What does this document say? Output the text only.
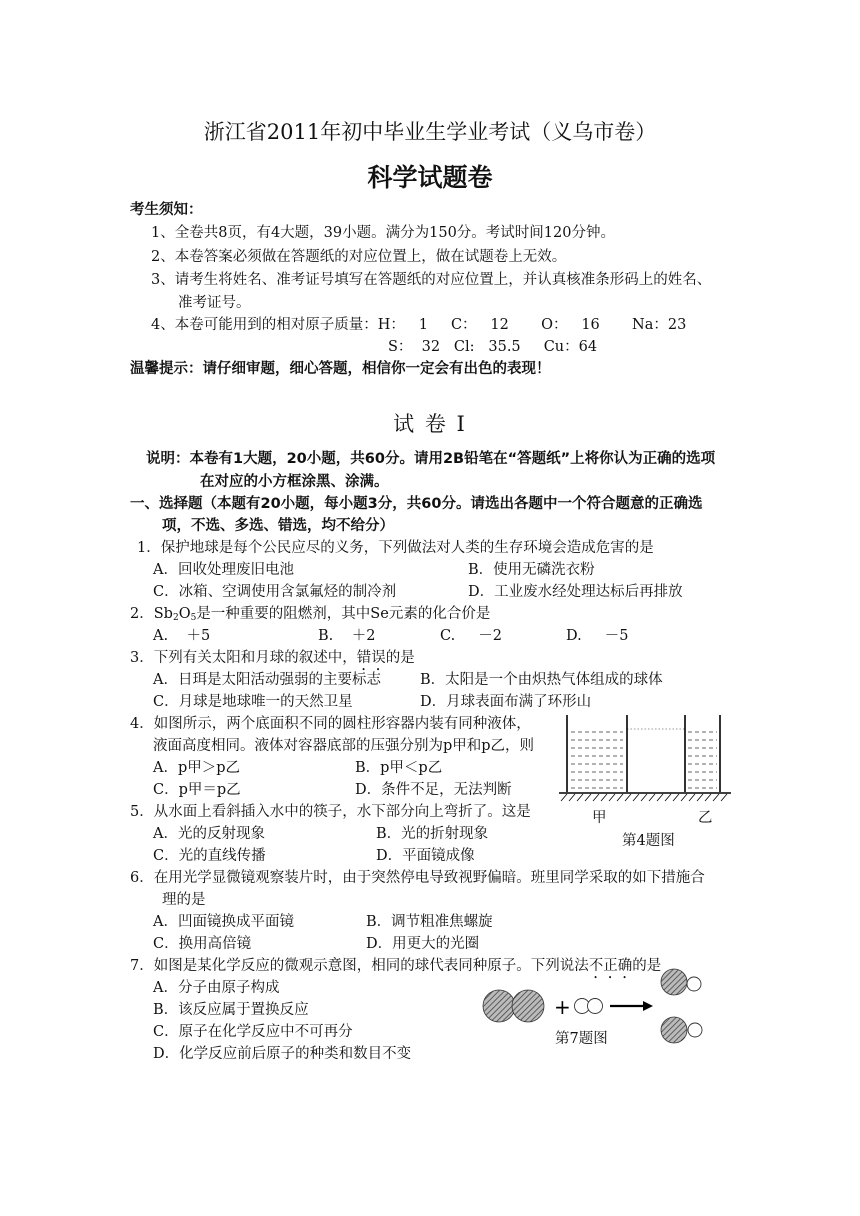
浙江省2011年初中毕业生学业考试（义乌市卷）
科学试题卷
考生须知：
1、全卷共8页，有4大题，39小题。满分为150分。考试时间120分钟。
2、本卷答案必须做在答题纸的对应位置上，做在试题卷上无效。
3、请考生将姓名、准考证号填写在答题纸的对应位置上，并认真核准条形码上的姓名、
准考证号。
4、本卷可能用到的相对原子质量：H：   1     C：   12       O：   16       Na：23
S：  32   Cl:   35.5     Cu：64
温馨提示：请仔细审题，细心答题，相信你一定会有出色的表现！
试 卷 I
说明：本卷有1大题，20小题，共60分。请用2B铅笔在“答题纸”上将你认为正确的选项
在对应的小方框涂黑、涂满。
一、选择题（本题有20小题，每小题3分，共60分。请选出各题中一个符合题意的正确选
项，不选、多选、错选，均不给分）
1．保护地球是每个公民应尽的义务，下列做法对人类的生存环境会造成危害的是
A．回收处理废旧电池	B．使用无磷洗衣粉
C．冰箱、空调使用含氯氟烃的制冷剂	D．工业废水经处理达标后再排放
2．$Sb_2O_5$是一种重要的阻燃剂，其中Se元素的化合价是
A.    ＋5	B.    ＋2	C.     －2	D.     －5
3．下列有关太阳和月球的叙述中，错误的是
A．日珥是太阳活动强弱的主要标志	B．太阳是一个由炽热气体组成的球体
C．月球是地球唯一的天然卫星	D．月球表面布满了环形山
4．如图所示，两个底面积不同的圆柱形容器内装有同种液体，
液面高度相同。液体对容器底部的压强分别为p甲和p乙，则
A．p甲＞p乙	B．p甲＜p乙
C．p甲＝p乙	D．条件不足，无法判断
甲	乙
第4题图
5．从水面上看斜插入水中的筷子，水下部分向上弯折了。这是
A．光的反射现象	B．光的折射现象
C．光的直线传播	D．平面镜成像
6．在用光学显微镜观察装片时，由于突然停电导致视野偏暗。班里同学采取的如下措施合
理的是
A．凹面镜换成平面镜	B．调节粗准焦螺旋
C．换用高倍镜	D．用更大的光圈
7．如图是某化学反应的微观示意图，相同的球代表同种原子。下列说法不正确的是
A．分子由原子构成
B．该反应属于置换反应
C．原子在化学反应中不可再分
D．化学反应前后原子的种类和数目不变
+
第7题图
